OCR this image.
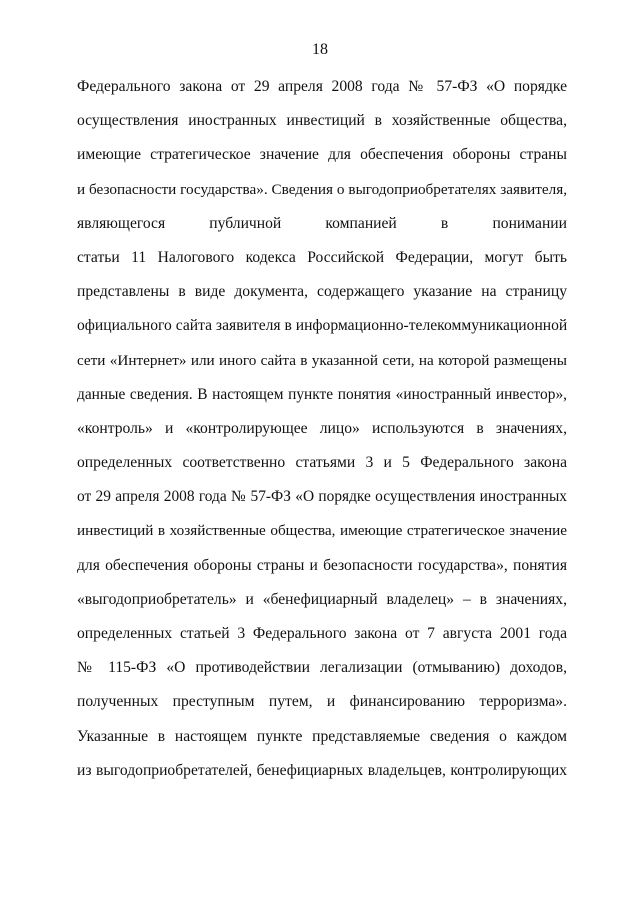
18
Федерального закона от 29 апреля 2008 года № 57-ФЗ «О порядке
осуществления иностранных инвестиций в хозяйственные общества,
имеющие стратегическое значение для обеспечения обороны страны
и безопасности государства». Сведения о выгодоприобретателях заявителя,
являющегося публичной компанией в понимании
статьи 11 Налогового кодекса Российской Федерации, могут быть
представлены в виде документа, содержащего указание на страницу
официального сайта заявителя в информационно-телекоммуникационной
сети «Интернет» или иного сайта в указанной сети, на которой размещены
данные сведения. В настоящем пункте понятия «иностранный инвестор»,
«контроль» и «контролирующее лицо» используются в значениях,
определенных соответственно статьями 3 и 5 Федерального закона
от 29 апреля 2008 года № 57-ФЗ «О порядке осуществления иностранных
инвестиций в хозяйственные общества, имеющие стратегическое значение
для обеспечения обороны страны и безопасности государства», понятия
«выгодоприобретатель» и «бенефициарный владелец» – в значениях,
определенных статьей 3 Федерального закона от 7 августа 2001 года
№ 115-ФЗ «О противодействии легализации (отмыванию) доходов,
полученных преступным путем, и финансированию терроризма».
Указанные в настоящем пункте представляемые сведения о каждом
из выгодоприобретателей, бенефициарных владельцев, контролирующих
